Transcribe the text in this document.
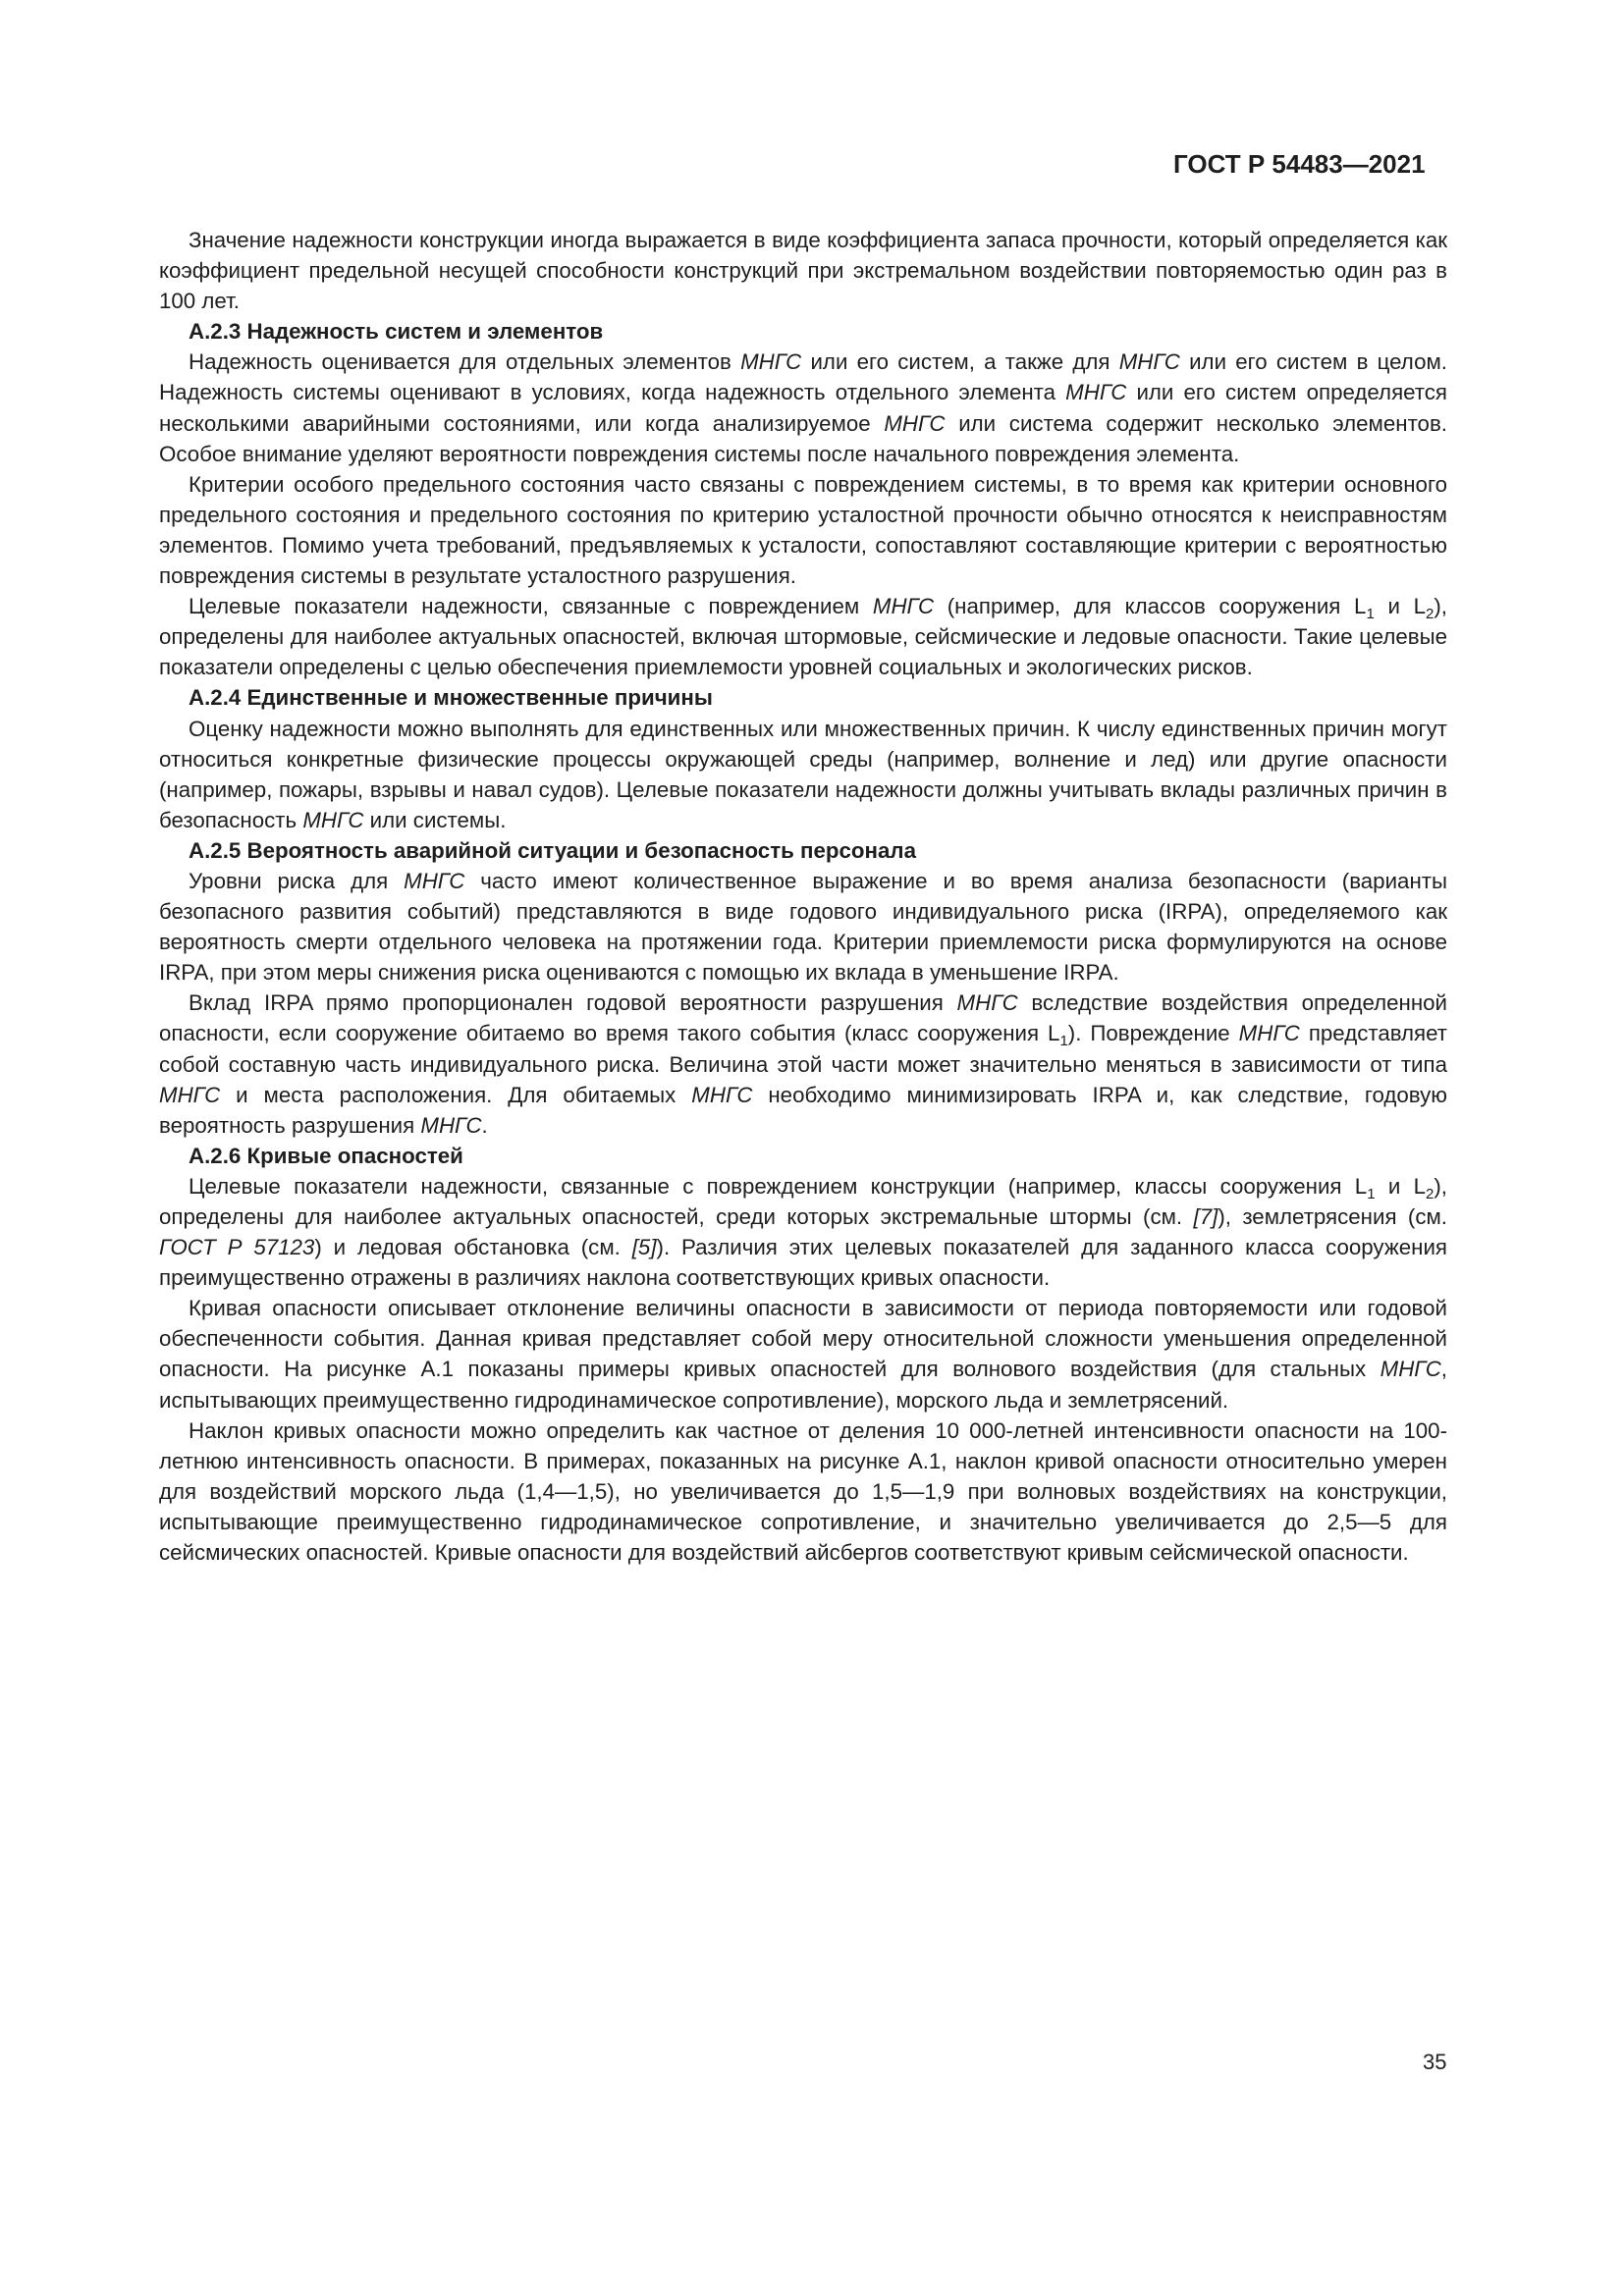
ГОСТ Р 54483—2021

Значение надежности конструкции иногда выражается в виде коэффициента запаса прочности, который определяется как коэффициент предельной несущей способности конструкций при экстремальном воздействии повторяемостью один раз в 100 лет.

А.2.3 Надежность систем и элементов

Надежность оценивается для отдельных элементов МНГС или его систем, а также для МНГС или его систем в целом. Надежность системы оценивают в условиях, когда надежность отдельного элемента МНГС или его систем определяется несколькими аварийными состояниями, или когда анализируемое МНГС или система содержит несколько элементов. Особое внимание уделяют вероятности повреждения системы после начального повреждения элемента.

Критерии особого предельного состояния часто связаны с повреждением системы, в то время как критерии основного предельного состояния и предельного состояния по критерию усталостной прочности обычно относятся к неисправностям элементов. Помимо учета требований, предъявляемых к усталости, сопоставляют составляющие критерии с вероятностью повреждения системы в результате усталостного разрушения.

Целевые показатели надежности, связанные с повреждением МНГС (например, для классов сооружения $L_1$ и $L_2$), определены для наиболее актуальных опасностей, включая штормовые, сейсмические и ледовые опасности. Такие целевые показатели определены с целью обеспечения приемлемости уровней социальных и экологических рисков.

А.2.4 Единственные и множественные причины

Оценку надежности можно выполнять для единственных или множественных причин. К числу единственных причин могут относиться конкретные физические процессы окружающей среды (например, волнение и лед) или другие опасности (например, пожары, взрывы и навал судов). Целевые показатели надежности должны учитывать вклады различных причин в безопасность МНГС или системы.

А.2.5 Вероятность аварийной ситуации и безопасность персонала

Уровни риска для МНГС часто имеют количественное выражение и во время анализа безопасности (варианты безопасного развития событий) представляются в виде годового индивидуального риска (IRPA), определяемого как вероятность смерти отдельного человека на протяжении года. Критерии приемлемости риска формулируются на основе IRPA, при этом меры снижения риска оцениваются с помощью их вклада в уменьшение IRPA.

Вклад IRPA прямо пропорционален годовой вероятности разрушения МНГС вследствие воздействия определенной опасности, если сооружение обитаемо во время такого события (класс сооружения $L_1$). Повреждение МНГС представляет собой составную часть индивидуального риска. Величина этой части может значительно меняться в зависимости от типа МНГС и места расположения. Для обитаемых МНГС необходимо минимизировать IRPA и, как следствие, годовую вероятность разрушения МНГС.

А.2.6 Кривые опасностей

Целевые показатели надежности, связанные с повреждением конструкции (например, классы сооружения $L_1$ и $L_2$), определены для наиболее актуальных опасностей, среди которых экстремальные штормы (см. [7]), землетрясения (см. ГОСТ Р 57123) и ледовая обстановка (см. [5]). Различия этих целевых показателей для заданного класса сооружения преимущественно отражены в различиях наклона соответствующих кривых опасности.

Кривая опасности описывает отклонение величины опасности в зависимости от периода повторяемости или годовой обеспеченности события. Данная кривая представляет собой меру относительной сложности уменьшения определенной опасности. На рисунке А.1 показаны примеры кривых опасностей для волнового воздействия (для стальных МНГС, испытывающих преимущественно гидродинамическое сопротивление), морского льда и землетрясений.

Наклон кривых опасности можно определить как частное от деления 10 000-летней интенсивности опасности на 100-летнюю интенсивность опасности. В примерах, показанных на рисунке А.1, наклон кривой опасности относительно умерен для воздействий морского льда (1,4—1,5), но увеличивается до 1,5—1,9 при волновых воздействиях на конструкции, испытывающие преимущественно гидродинамическое сопротивление, и значительно увеличивается до 2,5—5 для сейсмических опасностей. Кривые опасности для воздействий айсбергов соответствуют кривым сейсмической опасности.

35
